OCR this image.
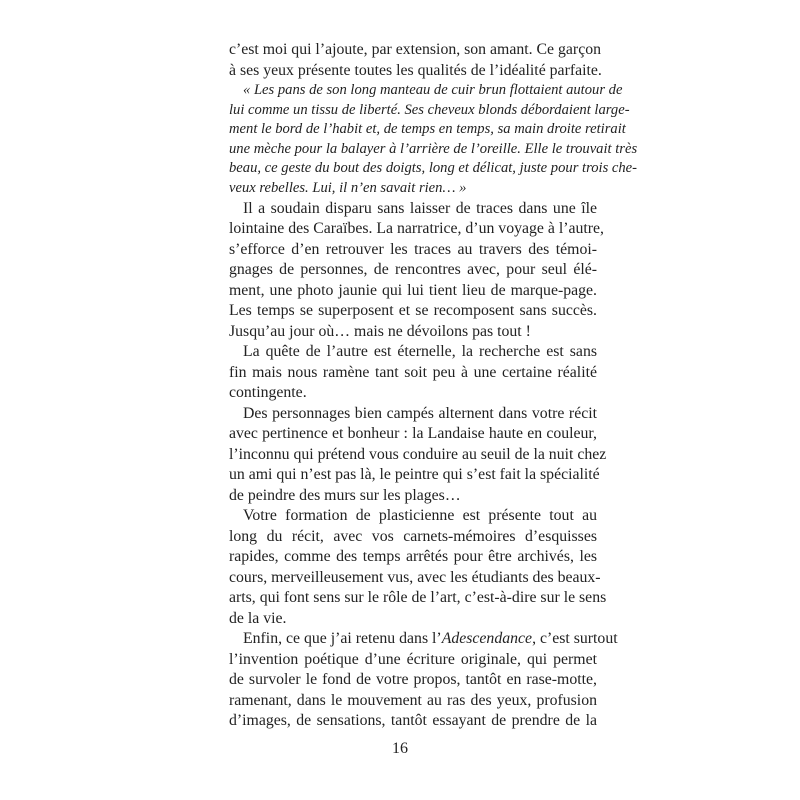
c’est moi qui l’ajoute, par extension, son amant. Ce garçon
à ses yeux présente toutes les qualités de l’idéalité parfaite.
« Les pans de son long manteau de cuir brun flottaient autour de
lui comme un tissu de liberté. Ses cheveux blonds débordaient large-
ment le bord de l’habit et, de temps en temps, sa main droite retirait
une mèche pour la balayer à l’arrière de l’oreille. Elle le trouvait très
beau, ce geste du bout des doigts, long et délicat, juste pour trois che-
veux rebelles. Lui, il n’en savait rien… »
Il a soudain disparu sans laisser de traces dans une île
lointaine des Caraïbes. La narratrice, d’un voyage à l’autre,
s’efforce d’en retrouver les traces au travers des témoi-
gnages de personnes, de rencontres avec, pour seul élé-
ment, une photo jaunie qui lui tient lieu de marque-page.
Les temps se superposent et se recomposent sans succès.
Jusqu’au jour où… mais ne dévoilons pas tout !
La quête de l’autre est éternelle, la recherche est sans
fin mais nous ramène tant soit peu à une certaine réalité
contingente.
Des personnages bien campés alternent dans votre récit
avec pertinence et bonheur : la Landaise haute en couleur,
l’inconnu qui prétend vous conduire au seuil de la nuit chez
un ami qui n’est pas là, le peintre qui s’est fait la spécialité
de peindre des murs sur les plages…
Votre formation de plasticienne est présente tout au
long du récit, avec vos carnets-mémoires d’esquisses
rapides, comme des temps arrêtés pour être archivés, les
cours, merveilleusement vus, avec les étudiants des beaux-
arts, qui font sens sur le rôle de l’art, c’est-à-dire sur le sens
de la vie.
Enfin, ce que j’ai retenu dans l’Adescendance, c’est surtout
l’invention poétique d’une écriture originale, qui permet
de survoler le fond de votre propos, tantôt en rase-motte,
ramenant, dans le mouvement au ras des yeux, profusion
d’images, de sensations, tantôt essayant de prendre de la
16
